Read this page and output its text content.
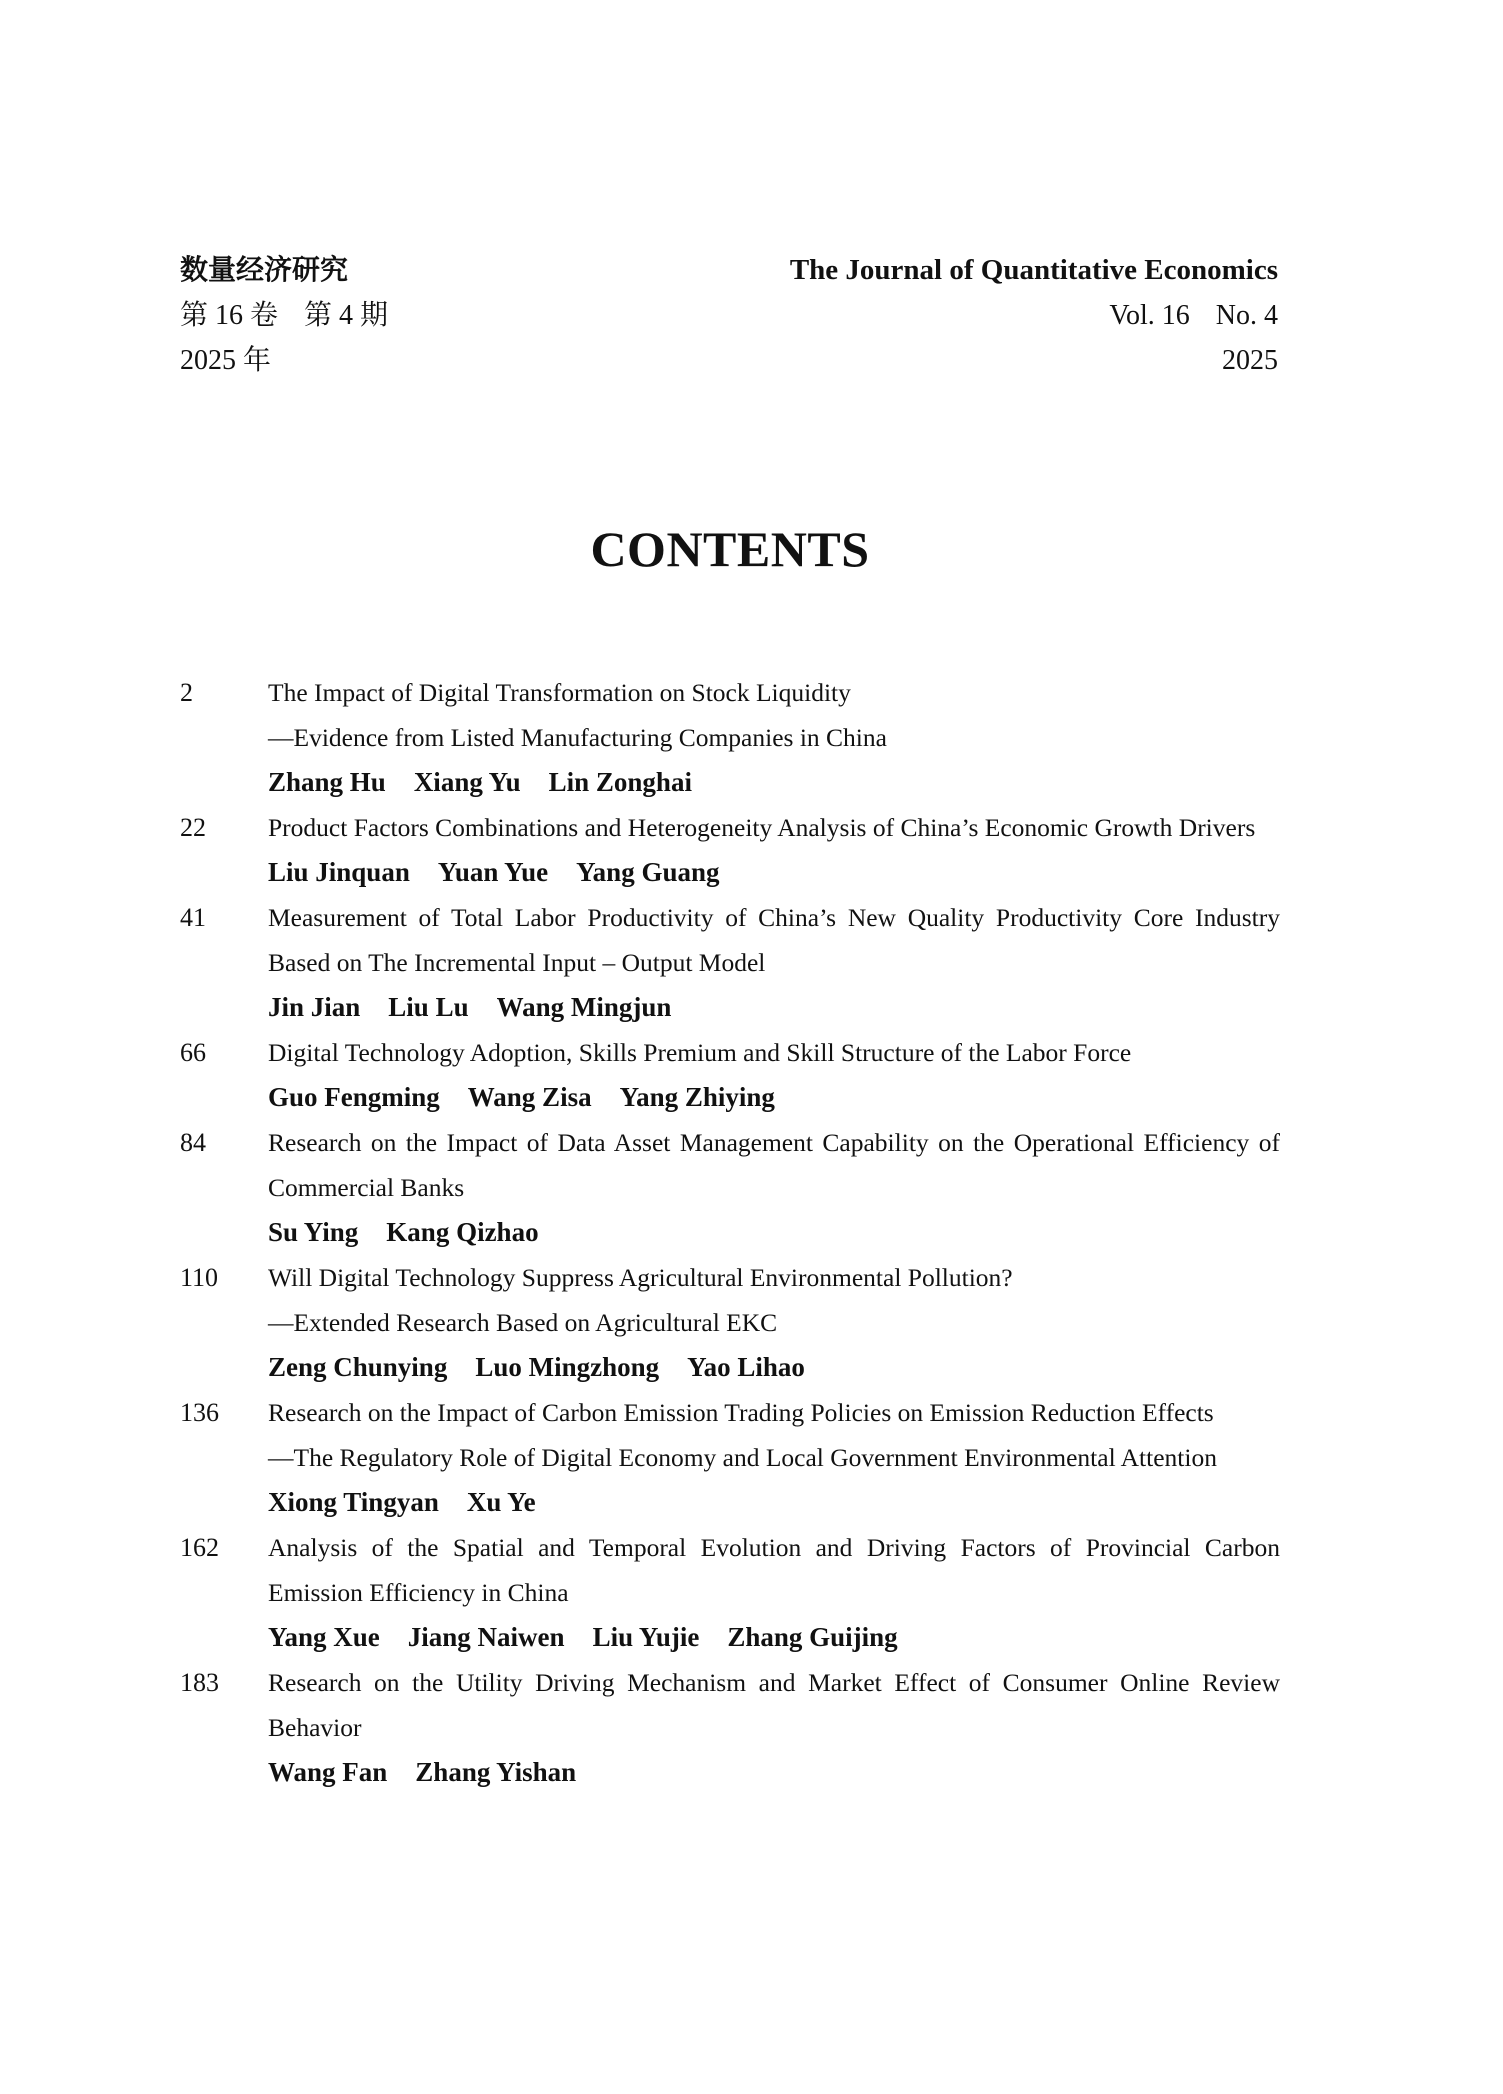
数量经济研究	The Journal of Quantitative Economics
第 16 卷 第 4 期	Vol. 16 No. 4
2025 年	2025
CONTENTS
2	The Impact of Digital Transformation on Stock Liquidity
—Evidence from Listed Manufacturing Companies in China
Zhang Hu Xiang Yu Lin Zonghai
22	Product Factors Combinations and Heterogeneity Analysis of China’s Economic Growth Drivers
Liu Jinquan Yuan Yue Yang Guang
41	Measurement of Total Labor Productivity of China’s New Quality Productivity Core Industry Based on The Incremental Input – Output Model
Jin Jian Liu Lu Wang Mingjun
66	Digital Technology Adoption, Skills Premium and Skill Structure of the Labor Force
Guo Fengming Wang Zisa Yang Zhiying
84	Research on the Impact of Data Asset Management Capability on the Operational Efficiency of Commercial Banks
Su Ying Kang Qizhao
110	Will Digital Technology Suppress Agricultural Environmental Pollution?
—Extended Research Based on Agricultural EKC
Zeng Chunying Luo Mingzhong Yao Lihao
136	Research on the Impact of Carbon Emission Trading Policies on Emission Reduction Effects
—The Regulatory Role of Digital Economy and Local Government Environmental Attention
Xiong Tingyan Xu Ye
162	Analysis of the Spatial and Temporal Evolution and Driving Factors of Provincial Carbon Emission Efficiency in China
Yang Xue Jiang Naiwen Liu Yujie Zhang Guijing
183	Research on the Utility Driving Mechanism and Market Effect of Consumer Online Review Behavior
Wang Fan Zhang Yishan
